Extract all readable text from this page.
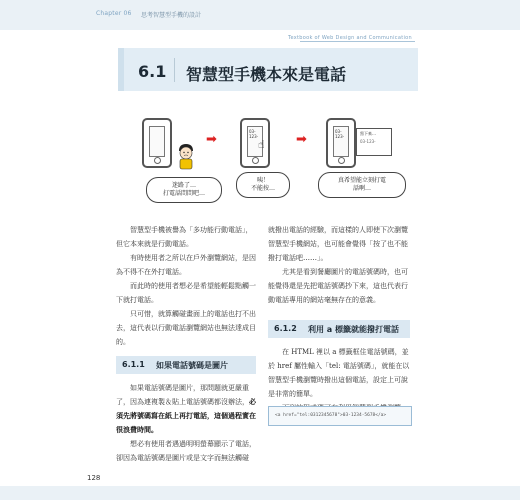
Chapter 06 思考智慧型手機的設計
Textbook of Web Design and Communication
6.1 智慧型手機本來是電話
➡
03-123-
☝ ➡
03-123-
寫下來…
03-123-
迷路了…
打電話問問吧…
咦！
不能按…
真希望能立刻打電
話啊…

智慧型手機被譽為「多功能行動電話」，但它本來就是行動電話。

有時使用者之所以在戶外瀏覽網站，是因為不得不在外打電話。

而此時的使用者想必是希望能輕鬆點觸一下就打電話。

只可惜，就算觸碰畫面上的電話也打不出去，這代表以行動電話瀏覽網站也無法達成目的。

6.1.1 如果電話號碼是圖片

如果電話號碼是圖片，那問題就更嚴重了，因為連複製＆貼上電話號碼都沒辦法，必須先將號碼寫在紙上再打電話，這個過程實在很浪費時間。

想必有使用者遇過明明螢幕顯示了電話，卻因為電話號碼是圖片或是文字而無法觸碰

就撥出電話的經驗，而這樣的人即使下次瀏覽智慧型手機網站，也可能會覺得「按了也不能撥打電話吧……」。

尤其是看到餐廳圖片的電話號碼時，也可能覺得還是先把電話號碼抄下來，這也代表行動電話專用的網站毫無存在的意義。

6.1.2 利用 a 標籤就能撥打電話

在 HTML 裡以 a 標籤框住電話號碼，並於 href 屬性輸入「tel: 電話號碼」，就能在以智慧型手機瀏覽時撥出這個電話，設定上可說是非常的簡單。

<a href="tel:0312345678">03-1234-5678</a>
128
